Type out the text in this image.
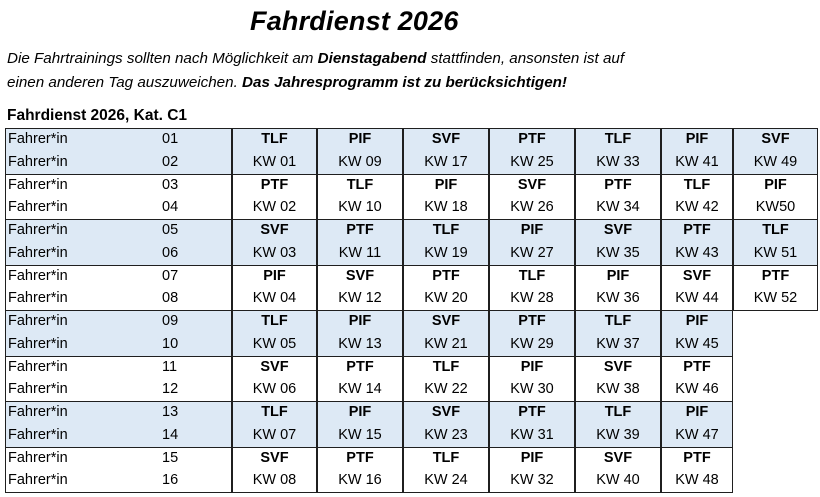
Fahrdienst 2026
Die Fahrtrainings sollten nach Möglichkeit am Dienstagabend stattfinden, ansonsten ist auf
einen anderen Tag auszuweichen. Das Jahresprogramm ist zu berücksichtigen!
Fahrdienst 2026, Kat. C1
Fahrer*in	01	TLF	PIF	SVF	PTF	TLF	PIF	SVF
Fahrer*in	02	KW 01	KW 09	KW 17	KW 25	KW 33	KW 41	KW 49
Fahrer*in	03	PTF	TLF	PIF	SVF	PTF	TLF	PIF
Fahrer*in	04	KW 02	KW 10	KW 18	KW 26	KW 34	KW 42	KW50
Fahrer*in	05	SVF	PTF	TLF	PIF	SVF	PTF	TLF
Fahrer*in	06	KW 03	KW 11	KW 19	KW 27	KW 35	KW 43	KW 51
Fahrer*in	07	PIF	SVF	PTF	TLF	PIF	SVF	PTF
Fahrer*in	08	KW 04	KW 12	KW 20	KW 28	KW 36	KW 44	KW 52
Fahrer*in	09	TLF	PIF	SVF	PTF	TLF	PIF
Fahrer*in	10	KW 05	KW 13	KW 21	KW 29	KW 37	KW 45
Fahrer*in	11	SVF	PTF	TLF	PIF	SVF	PTF
Fahrer*in	12	KW 06	KW 14	KW 22	KW 30	KW 38	KW 46
Fahrer*in	13	TLF	PIF	SVF	PTF	TLF	PIF
Fahrer*in	14	KW 07	KW 15	KW 23	KW 31	KW 39	KW 47
Fahrer*in	15	SVF	PTF	TLF	PIF	SVF	PTF
Fahrer*in	16	KW 08	KW 16	KW 24	KW 32	KW 40	KW 48
